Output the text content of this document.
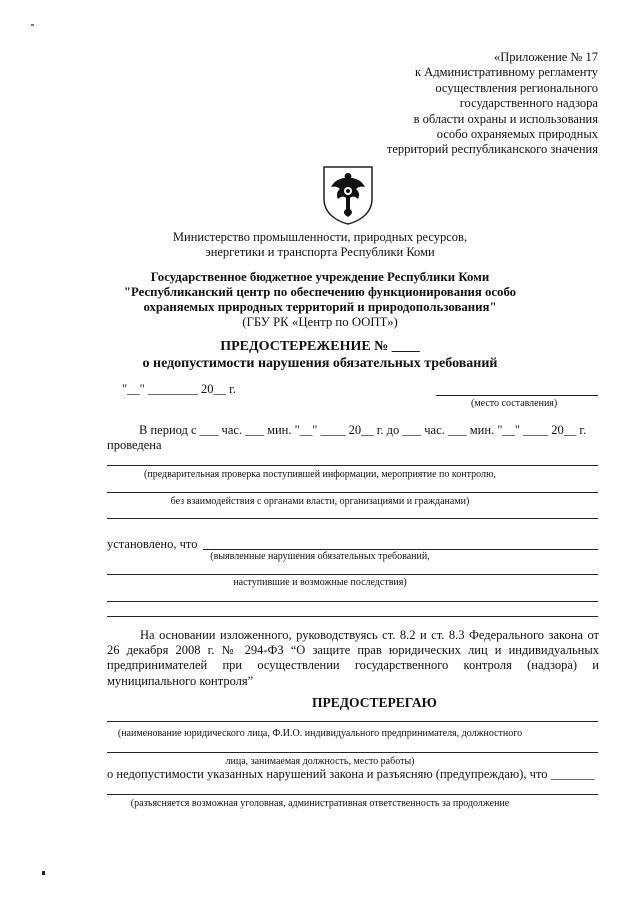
«Приложение № 17
к Административному регламенту
осуществления регионального
государственного надзора
в области охраны и использования
особо охраняемых природных
территорий республиканского значения
Министерство промышленности, природных ресурсов,
энергетики и транспорта Республики Коми
Государственное бюджетное учреждение Республики Коми
"Республиканский центр по обеспечению функционирования особо
охраняемых природных территорий и природопользования"
(ГБУ РК «Центр по ООПТ»)
ПРЕДОСТЕРЕЖЕНИЕ № ____
о недопустимости нарушения обязательных требований
"__" ________ 20__ г.
(место составления)
В период с ___ час. ___ мин. "__" ____ 20__ г. до ___ час. ___ мин. "__" ____ 20__ г.
проведена
(предварительная проверка поступившей информации, мероприятие по контролю,
без взаимодействия с органами власти, организациями и гражданами)
установлено, что
(выявленные нарушения обязательных требований,
наступившие и возможные последствия)
На основании изложенного, руководствуясь ст. 8.2 и ст. 8.3 Федерального закона от 26 декабря 2008 г. № 294-ФЗ “О защите прав юридических лиц и индивидуальных предпринимателей при осуществлении государственного контроля (надзора) и муниципального контроля”
ПРЕДОСТЕРЕГАЮ
(наименование юридического лица, Ф.И.О. индивидуального предпринимателя, должностного
лица, занимаемая должность, место работы)
о недопустимости указанных нарушений закона и разъясняю (предупреждаю), что _______
(разъясняется возможная уголовная, административная ответственность за продолжение
